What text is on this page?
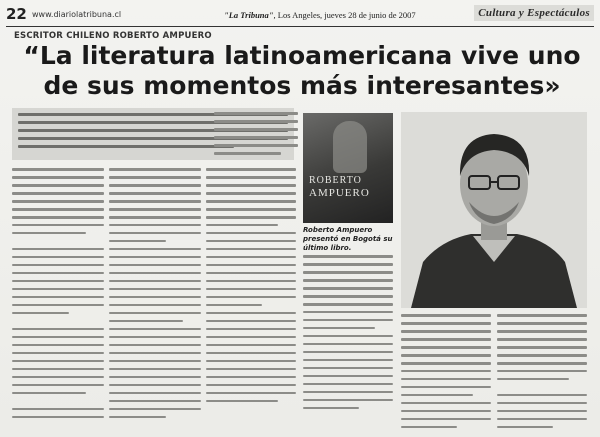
22 www.diariolatribuna.cl	"La Tribuna", Los Angeles, jueves 28 de junio de 2007	Cultura y Espectáculos
ESCRITOR CHILENO ROBERTO AMPUERO
“La literatura latinoamericana vive uno de sus momentos más interesantes»
ROBERTO
AMPUERO
Roberto Ampuero presentó en Bogotá su último libro.
